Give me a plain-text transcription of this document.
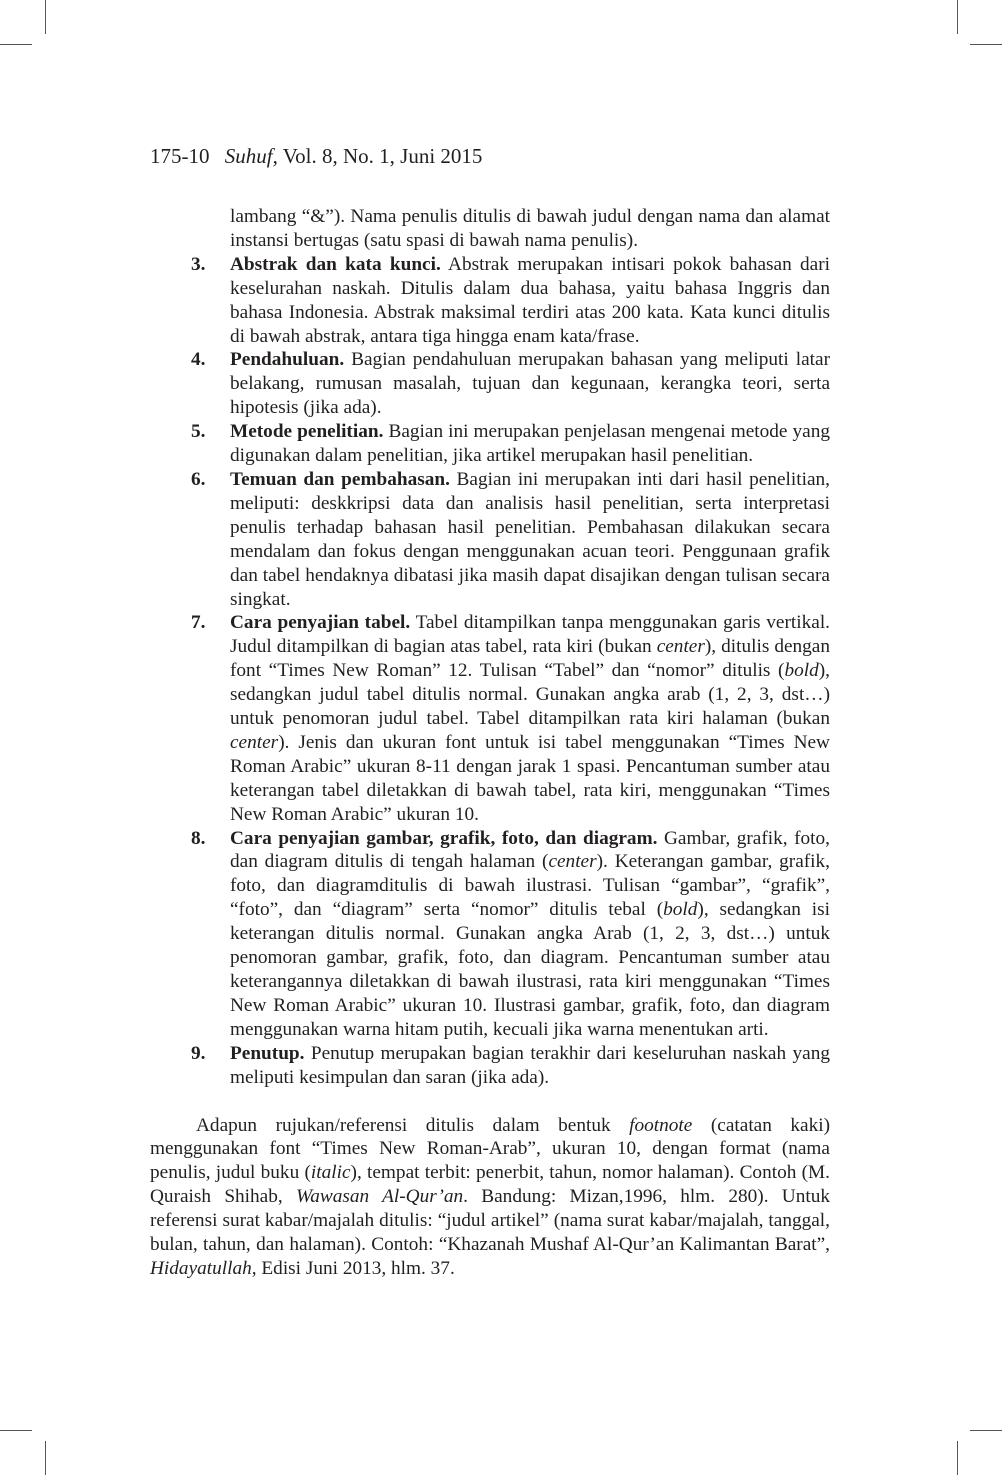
175-10 Suhuf, Vol. 8, No. 1, Juni 2015
lambang “&”). Nama penulis ditulis di bawah judul dengan nama dan alamat instansi bertugas (satu spasi di bawah nama penulis).
3. Abstrak dan kata kunci. Abstrak merupakan intisari pokok bahasan dari keselurahan naskah. Ditulis dalam dua bahasa, yaitu bahasa Inggris dan bahasa Indonesia. Abstrak maksimal terdiri atas 200 kata. Kata kunci ditulis di bawah abstrak, antara tiga hingga enam kata/frase.
4. Pendahuluan. Bagian pendahuluan merupakan bahasan yang meliputi latar belakang, rumusan masalah, tujuan dan kegunaan, kerangka teori, serta hipotesis (jika ada).
5. Metode penelitian. Bagian ini merupakan penjelasan mengenai metode yang digunakan dalam penelitian, jika artikel merupakan hasil penelitian.
6. Temuan dan pembahasan. Bagian ini merupakan inti dari hasil penelitian, meliputi: deskkripsi data dan analisis hasil penelitian, serta interpretasi penulis terhadap bahasan hasil penelitian. Pembahasan dilakukan secara mendalam dan fokus dengan menggunakan acuan teori. Penggunaan grafik dan tabel hendaknya dibatasi jika masih dapat disajikan dengan tulisan secara singkat.
7. Cara penyajian tabel. Tabel ditampilkan tanpa menggunakan garis vertikal. Judul ditampilkan di bagian atas tabel, rata kiri (bukan center), ditulis dengan font “Times New Roman” 12. Tulisan “Tabel” dan “nomor” ditulis (bold), sedangkan judul tabel ditulis normal. Gunakan angka arab (1, 2, 3, dst…) untuk penomoran judul tabel. Tabel ditampilkan rata kiri halaman (bukan center). Jenis dan ukuran font untuk isi tabel menggunakan “Times New Roman Arabic” ukuran 8-11 dengan jarak 1 spasi. Pencantuman sumber atau keterangan tabel diletakkan di bawah tabel, rata kiri, menggunakan “Times New Roman Arabic” ukuran 10.
8. Cara penyajian gambar, grafik, foto, dan diagram. Gambar, grafik, foto, dan diagram ditulis di tengah halaman (center). Keterangan gambar, grafik, foto, dan diagramditulis di bawah ilustrasi. Tulisan “gambar”, “grafik”, “foto”, dan “diagram” serta “nomor” ditulis tebal (bold), sedangkan isi keterangan ditulis normal. Gunakan angka Arab (1, 2, 3, dst…) untuk penomoran gambar, grafik, foto, dan diagram. Pencantuman sumber atau keterangannya diletakkan di bawah ilustrasi, rata kiri menggunakan “Times New Roman Arabic” ukuran 10. Ilustrasi gambar, grafik, foto, dan diagram menggunakan warna hitam putih, kecuali jika warna menentukan arti.
9. Penutup. Penutup merupakan bagian terakhir dari keseluruhan naskah yang meliputi kesimpulan dan saran (jika ada).

Adapun rujukan/referensi ditulis dalam bentuk footnote (catatan kaki) menggunakan font “Times New Roman-Arab”, ukuran 10, dengan format (nama penulis, judul buku (italic), tempat terbit: penerbit, tahun, nomor halaman). Contoh (M. Quraish Shihab, Wawasan Al-Qur’an. Bandung: Mizan,1996, hlm. 280). Untuk referensi surat kabar/majalah ditulis: “judul artikel” (nama surat kabar/majalah, tanggal, bulan, tahun, dan halaman). Contoh: “Khazanah Mushaf Al-Qur’an Kalimantan Barat”, Hidayatullah, Edisi Juni 2013, hlm. 37.
